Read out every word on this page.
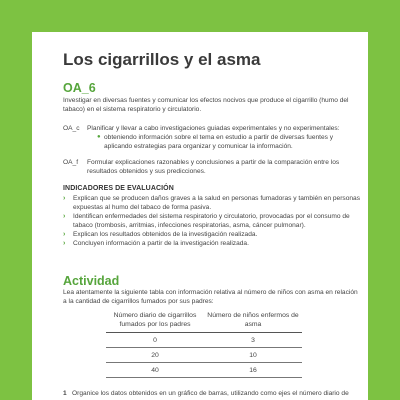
Los cigarrillos y el asma
OA_6

Investigar en diversas fuentes y comunicar los efectos nocivos que produce el cigarrillo (humo del tabaco) en el sistema respiratorio y circulatorio.

OA_c Planificar y llevar a cabo investigaciones guiadas experimentales y no experimentales:
● obteniendo información sobre el tema en estudio a partir de diversas fuentes y aplicando estrategias para organizar y comunicar la información.
OA_f Formular explicaciones razonables y conclusiones a partir de la comparación entre los resultados obtenidos y sus predicciones.
INDICADORES DE EVALUACIÓN
› Explican que se producen daños graves a la salud en personas fumadoras y también en personas expuestas al humo del tabaco de forma pasiva.
› Identifican enfermedades del sistema respiratorio y circulatorio, provocadas por el consumo de tabaco (trombosis, arritmias, infecciones respiratorias, asma, cáncer pulmonar).
› Explican los resultados obtenidos de la investigación realizada.
› Concluyen información a partir de la investigación realizada.
Actividad

Lea atentamente la siguiente tabla con información relativa al número de niños con asma en relación a la cantidad de cigarrillos fumados por sus padres:

Número diario de cigarrillos fumados por los padres	Número de niños enfermos de asma
0	3
20	10
40	16
1 Organice los datos obtenidos en un gráfico de barras, utilizando como ejes el número diario de
